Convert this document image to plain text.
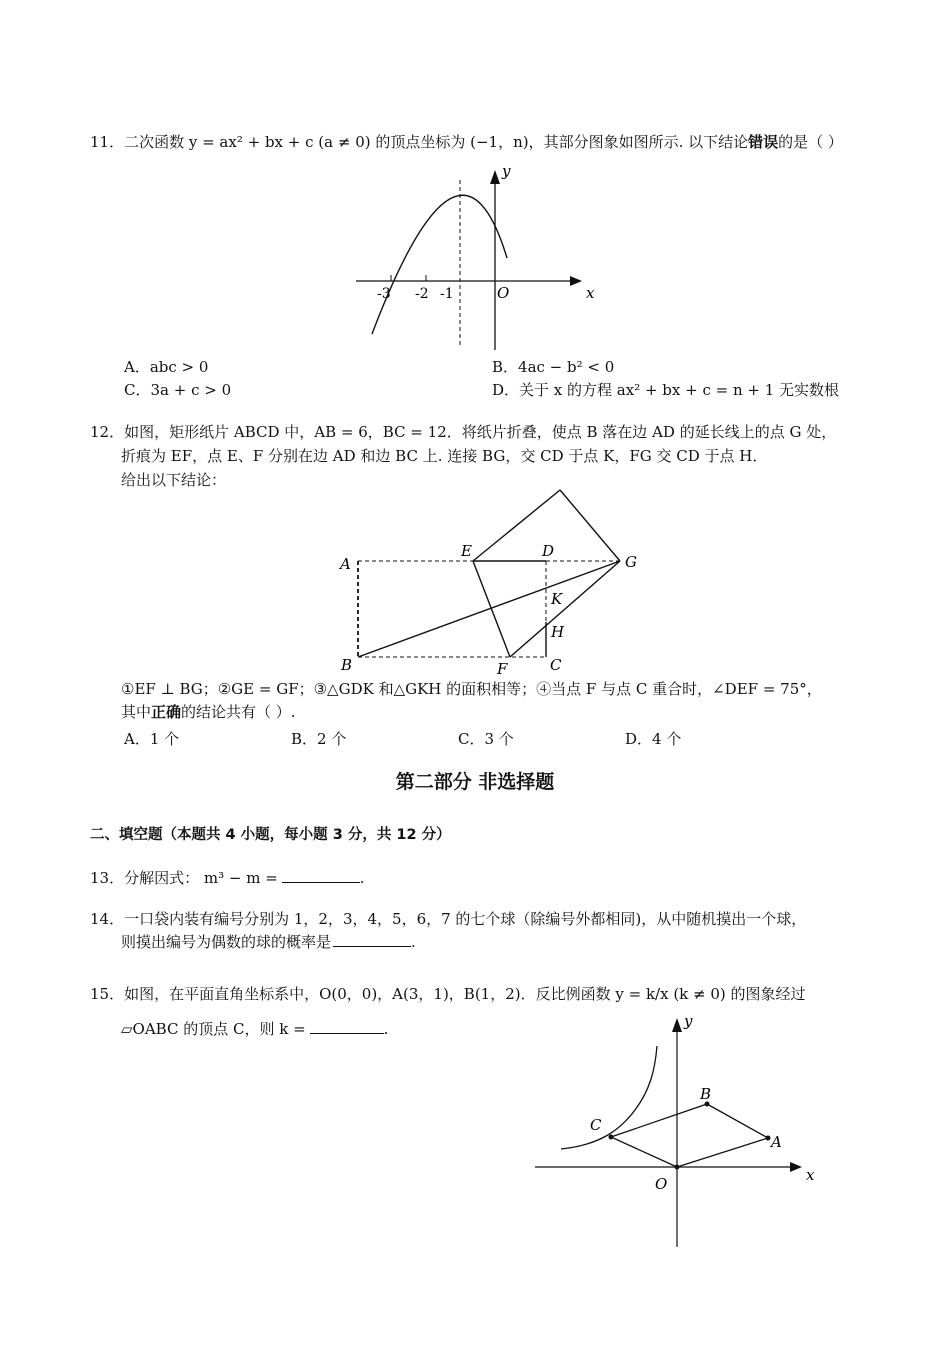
11．二次函数 y = ax² + bx + c (a ≠ 0) 的顶点坐标为 (−1，n)，其部分图象如图所示. 以下结论错误的是（ ）
x
y
O
-3 -2 -1
A．abc > 0	B．4ac − b² < 0
C．3a + c > 0	D．关于 x 的方程 ax² + bx + c = n + 1 无实数根
12．如图，矩形纸片 ABCD 中，AB = 6，BC = 12．将纸片折叠，使点 B 落在边 AD 的延长线上的点 G 处，
折痕为 EF，点 E、F 分别在边 AD 和边 BC 上. 连接 BG，交 CD 于点 K，FG 交 CD 于点 H．
给出以下结论：
A
B	C
D
E
F
G
K
H
①EF ⊥ BG；②GE = GF；③△GDK 和△GKH 的面积相等；④当点 F 与点 C 重合时，∠DEF = 75°，
其中正确的结论共有（ ）.
A．1 个	B．2 个	C．3 个	D．4 个
第二部分 非选择题
二、填空题（本题共 4 小题，每小题 3 分，共 12 分）
13．分解因式： m³ − m =	.
14．一口袋内装有编号分别为 1，2，3，4，5，6，7 的七个球（除编号外都相同)，从中随机摸出一个球，
则摸出编号为偶数的球的概率是	.
15．如图，在平面直角坐标系中，O(0，0)，A(3，1)，B(1，2)．反比例函数 y = k/x (k ≠ 0) 的图象经过
▱OABC 的顶点 C，则 k =	.
x
y
O
A
B
C
